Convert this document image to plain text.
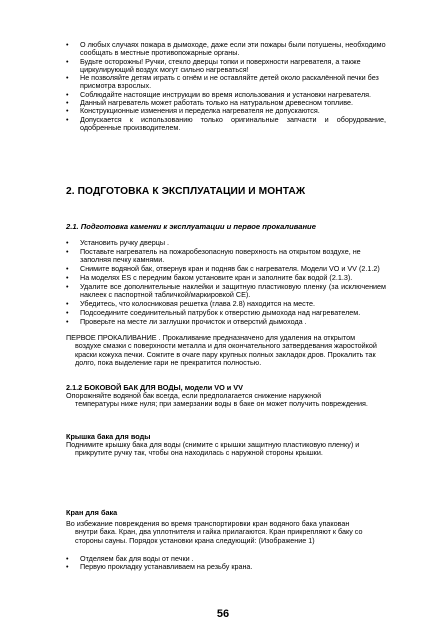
• О любых случаях пожара в дымоходе, даже если эти пожары были потушены, необходимо сообщать в местные противопожарные органы.
• Будьте осторожны! Ручки, стекло дверцы топки и поверхности нагревателя, а также циркулирующий воздух могут сильно нагреваться!
• Не позволяйте детям играть с огнём и не оставляйте детей около раскалённой печки без присмотра взрослых.
• Соблюдайте настоящие инструкции во время использования и установки нагревателя.
• Данный нагреватель может работать только на натуральном древесном топливе.
• Конструкционные изменения и переделка нагревателя не допускаются.
• Допускается к использованию только оригинальные запчасти и оборудование, одобренные производителем.
2. ПОДГОТОВКА К ЭКСПЛУАТАЦИИ И МОНТАЖ
2.1. Подготовка каменки к эксплуатации и первое прокаливание
• Установить ручку дверцы .
• Поставьте нагреватель на пожаробезопасную поверхность на открытом воздухе, не заполняя печку камнями.
• Снимите водяной бак, отвернув кран и подняв бак с нагревателя. Модели VO и VV (2.1.2)
• На моделях ES с передним баком установите кран и заполните бак водой (2.1.3).
• Удалите все дополнительные наклейки и защитную пластиковую пленку (за исключением наклеек с паспортной табличкой/маркировкой CE).
• Убедитесь, что колосниковая решетка (глава 2.8) находится на месте.
• Подсоедините соединительный патрубок к отверстию дымохода над нагревателем.
• Проверьте на месте ли заглушки прочисток и отверстий дымохода .

ПЕРВОЕ ПРОКАЛИВАНИЕ . Прокаливание предназначено для удаления на открытом
воздухе смазки с поверхности металла и для окончательного затвердевания жаростойкой краски кожуха печки. Сожгите в очаге пару крупных полных закладок дров. Прокалить так долго, пока выделение гари не прекратится полностью.

2.1.2 БОКОВОЙ БАК ДЛЯ ВОДЫ, модели VO и VV

Опорожняйте водяной бак всегда, если предполагается снижение наружной
температуры ниже нуля; при замерзании воды в баке он может получить повреждения.

Крышка бака для воды

Поднимите крышку бака для воды (снимите с крышки защитную пластиковую пленку) и
прикрутите ручку так, чтобы она находилась с наружной стороны крышки.

Кран для бака

Во избежание повреждения во время транспортировки кран водяного бака упакован
внутри бака. Кран, два уплотнителя и гайка прилагаются. Кран прикрепляют к баку со стороны сауны. Порядок установки крана следующий: (Изображение 1)

• Отделяем бак для воды от печки .
• Первую прокладку устанавливаем на резьбу крана.
56
